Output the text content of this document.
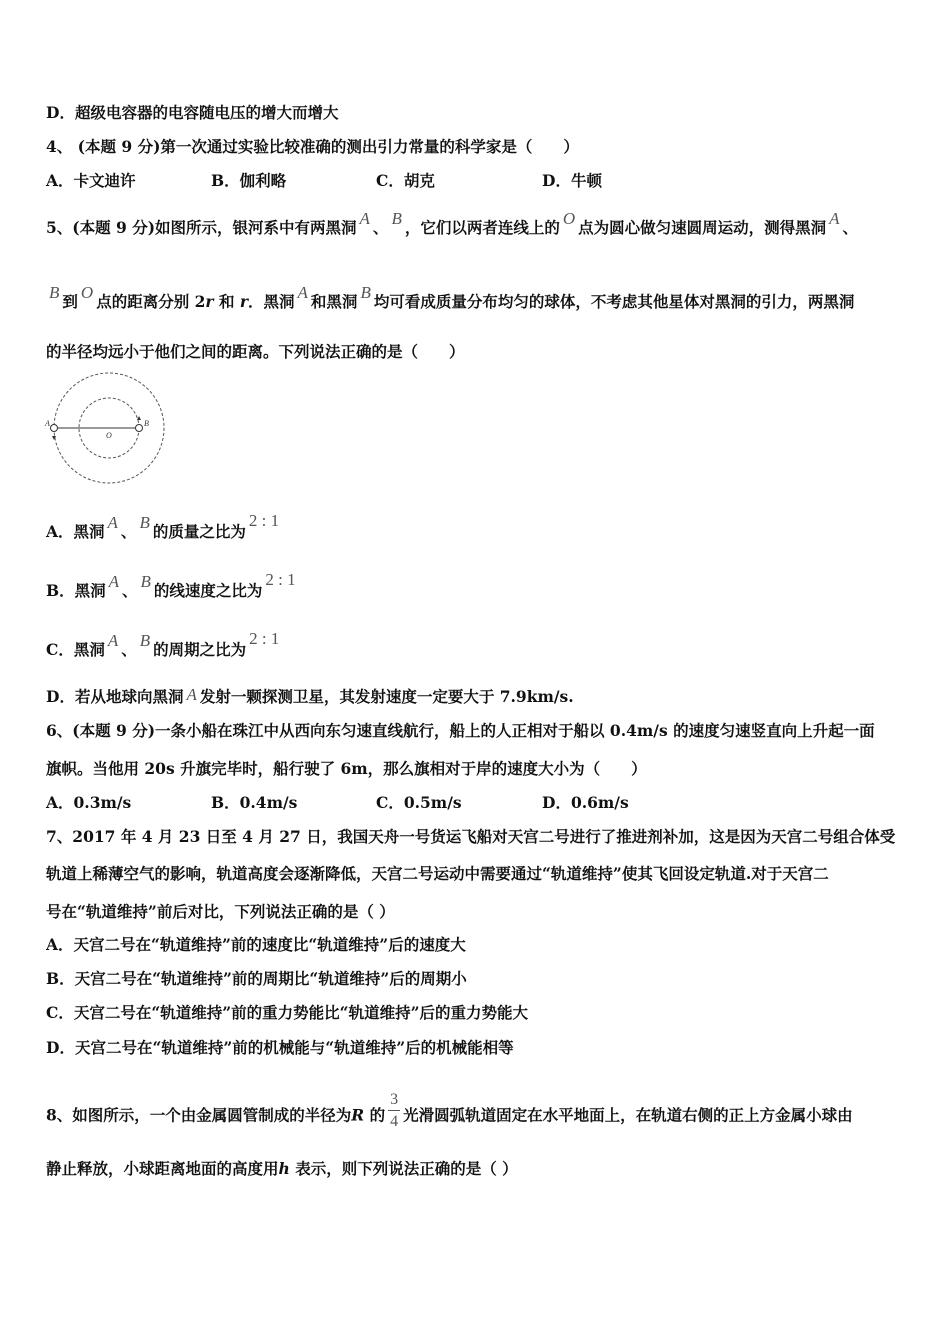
D．超级电容器的电容随电压的增大而增大
4、 (本题 9 分)第一次通过实验比较准确的测出引力常量的科学家是（　　）
A．卡文迪许	B．伽利略	C．胡克	D．牛顿
5、(本题 9 分)如图所示，银河系中有两黑洞 A 、 B ，它们以两者连线上的 O 点为圆心做匀速圆周运动，测得黑洞 A 、
B 到 O 点的距离分别 2r 和 r．黑洞 A 和黑洞 B 均可看成质量分布均匀的球体，不考虑其他星体对黑洞的引力，两黑洞
的半径均远小于他们之间的距离。下列说法正确的是（　　）
A	B
O
A．黑洞 A 、 B 的质量之比为2 : 1
B．黑洞 A 、 B 的线速度之比为2 : 1
C．黑洞 A 、 B 的周期之比为2 : 1
D．若从地球向黑洞 A 发射一颗探测卫星，其发射速度一定要大于 7.9km/s.
6、(本题 9 分)一条小船在珠江中从西向东匀速直线航行，船上的人正相对于船以 0.4m/s 的速度匀速竖直向上升起一面
旗帜。当他用 20s 升旗完毕时，船行驶了 6m，那么旗相对于岸的速度大小为（　　）
A．0.3m/s	B．0.4m/s	C．0.5m/s	D．0.6m/s
7、2017 年 4 月 23 日至 4 月 27 日，我国天舟一号货运飞船对天宫二号进行了推进剂补加，这是因为天宫二号组合体受
轨道上稀薄空气的影响，轨道高度会逐渐降低，天宫二号运动中需要通过“轨道维持”使其飞回设定轨道.对于天宫二
号在“轨道维持”前后对比，下列说法正确的是（ ）
A．天宫二号在“轨道维持”前的速度比“轨道维持”后的速度大
B．天宫二号在“轨道维持”前的周期比“轨道维持”后的周期小
C．天宫二号在“轨道维持”前的重力势能比“轨道维持”后的重力势能大
D．天宫二号在“轨道维持”前的机械能与“轨道维持”后的机械能相等
8、如图所示，一个由金属圆管制成的半径为R 的 $\frac{3}{4}$ 光滑圆弧轨道固定在水平地面上，在轨道右侧的正上方金属小球由
静止释放，小球距离地面的高度用h 表示，则下列说法正确的是（ ）
